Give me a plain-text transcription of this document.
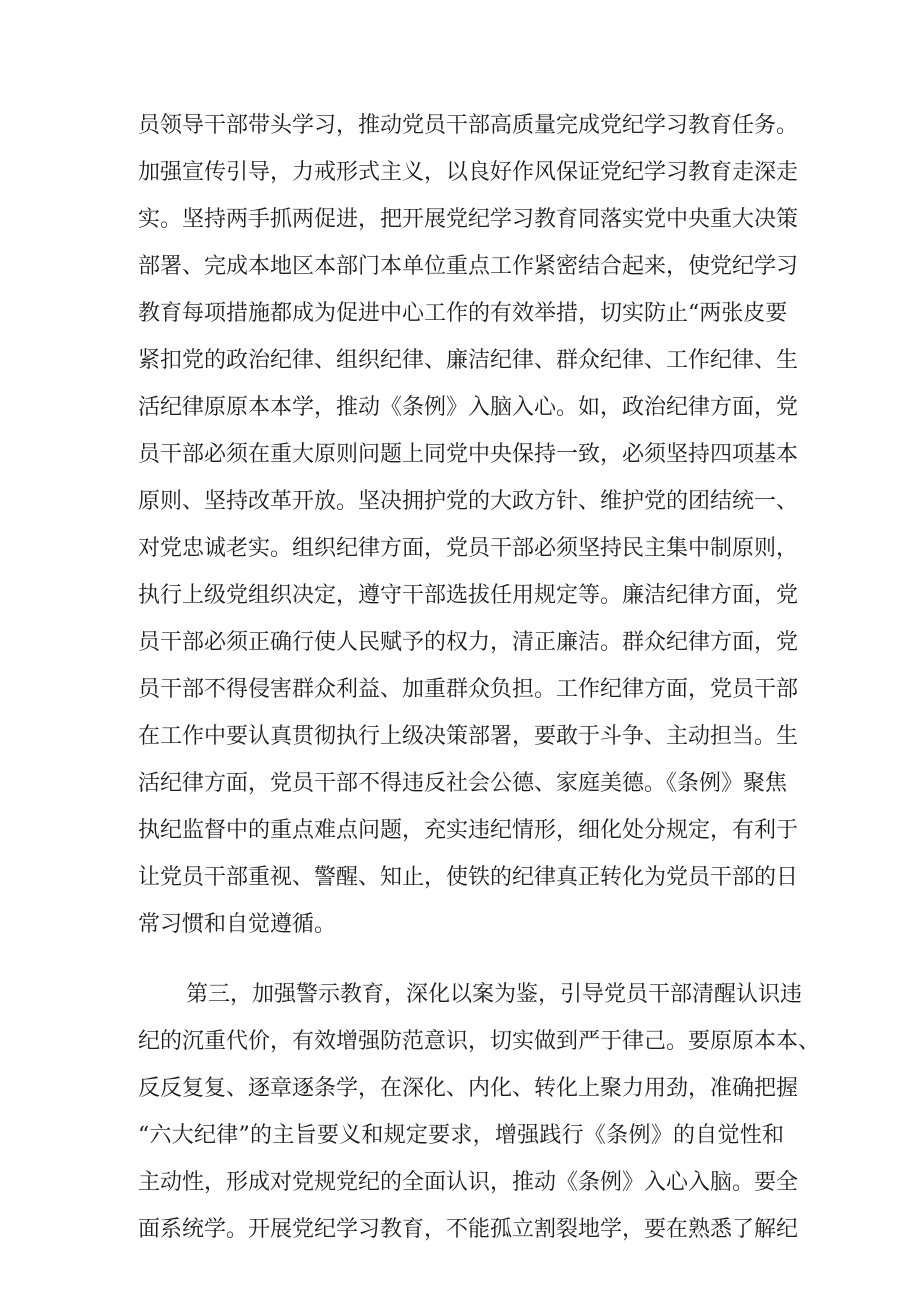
员领导干部带头学习，推动党员干部高质量完成党纪学习教育任务。
加强宣传引导，力戒形式主义，以良好作风保证党纪学习教育走深走
实。坚持两手抓两促进，把开展党纪学习教育同落实党中央重大决策
部署、完成本地区本部门本单位重点工作紧密结合起来，使党纪学习
教育每项措施都成为促进中心工作的有效举措，切实防止“两张皮要
紧扣党的政治纪律、组织纪律、廉洁纪律、群众纪律、工作纪律、生
活纪律原原本本学，推动《条例》入脑入心。如，政治纪律方面，党
员干部必须在重大原则问题上同党中央保持一致，必须坚持四项基本
原则、坚持改革开放。坚决拥护党的大政方针、维护党的团结统一、
对党忠诚老实。组织纪律方面，党员干部必须坚持民主集中制原则，
执行上级党组织决定，遵守干部选拔任用规定等。廉洁纪律方面，党
员干部必须正确行使人民赋予的权力，清正廉洁。群众纪律方面，党
员干部不得侵害群众利益、加重群众负担。工作纪律方面，党员干部
在工作中要认真贯彻执行上级决策部署，要敢于斗争、主动担当。生
活纪律方面，党员干部不得违反社会公德、家庭美德。《条例》聚焦
执纪监督中的重点难点问题，充实违纪情形，细化处分规定，有利于
让党员干部重视、警醒、知止，使铁的纪律真正转化为党员干部的日
常习惯和自觉遵循。
第三，加强警示教育，深化以案为鉴，引导党员干部清醒认识违
纪的沉重代价，有效增强防范意识，切实做到严于律己。要原原本本、
反反复复、逐章逐条学，在深化、内化、转化上聚力用劲，准确把握
“六大纪律”的主旨要义和规定要求，增强践行《条例》的自觉性和
主动性，形成对党规党纪的全面认识，推动《条例》入心入脑。要全
面系统学。开展党纪学习教育，不能孤立割裂地学，要在熟悉了解纪
